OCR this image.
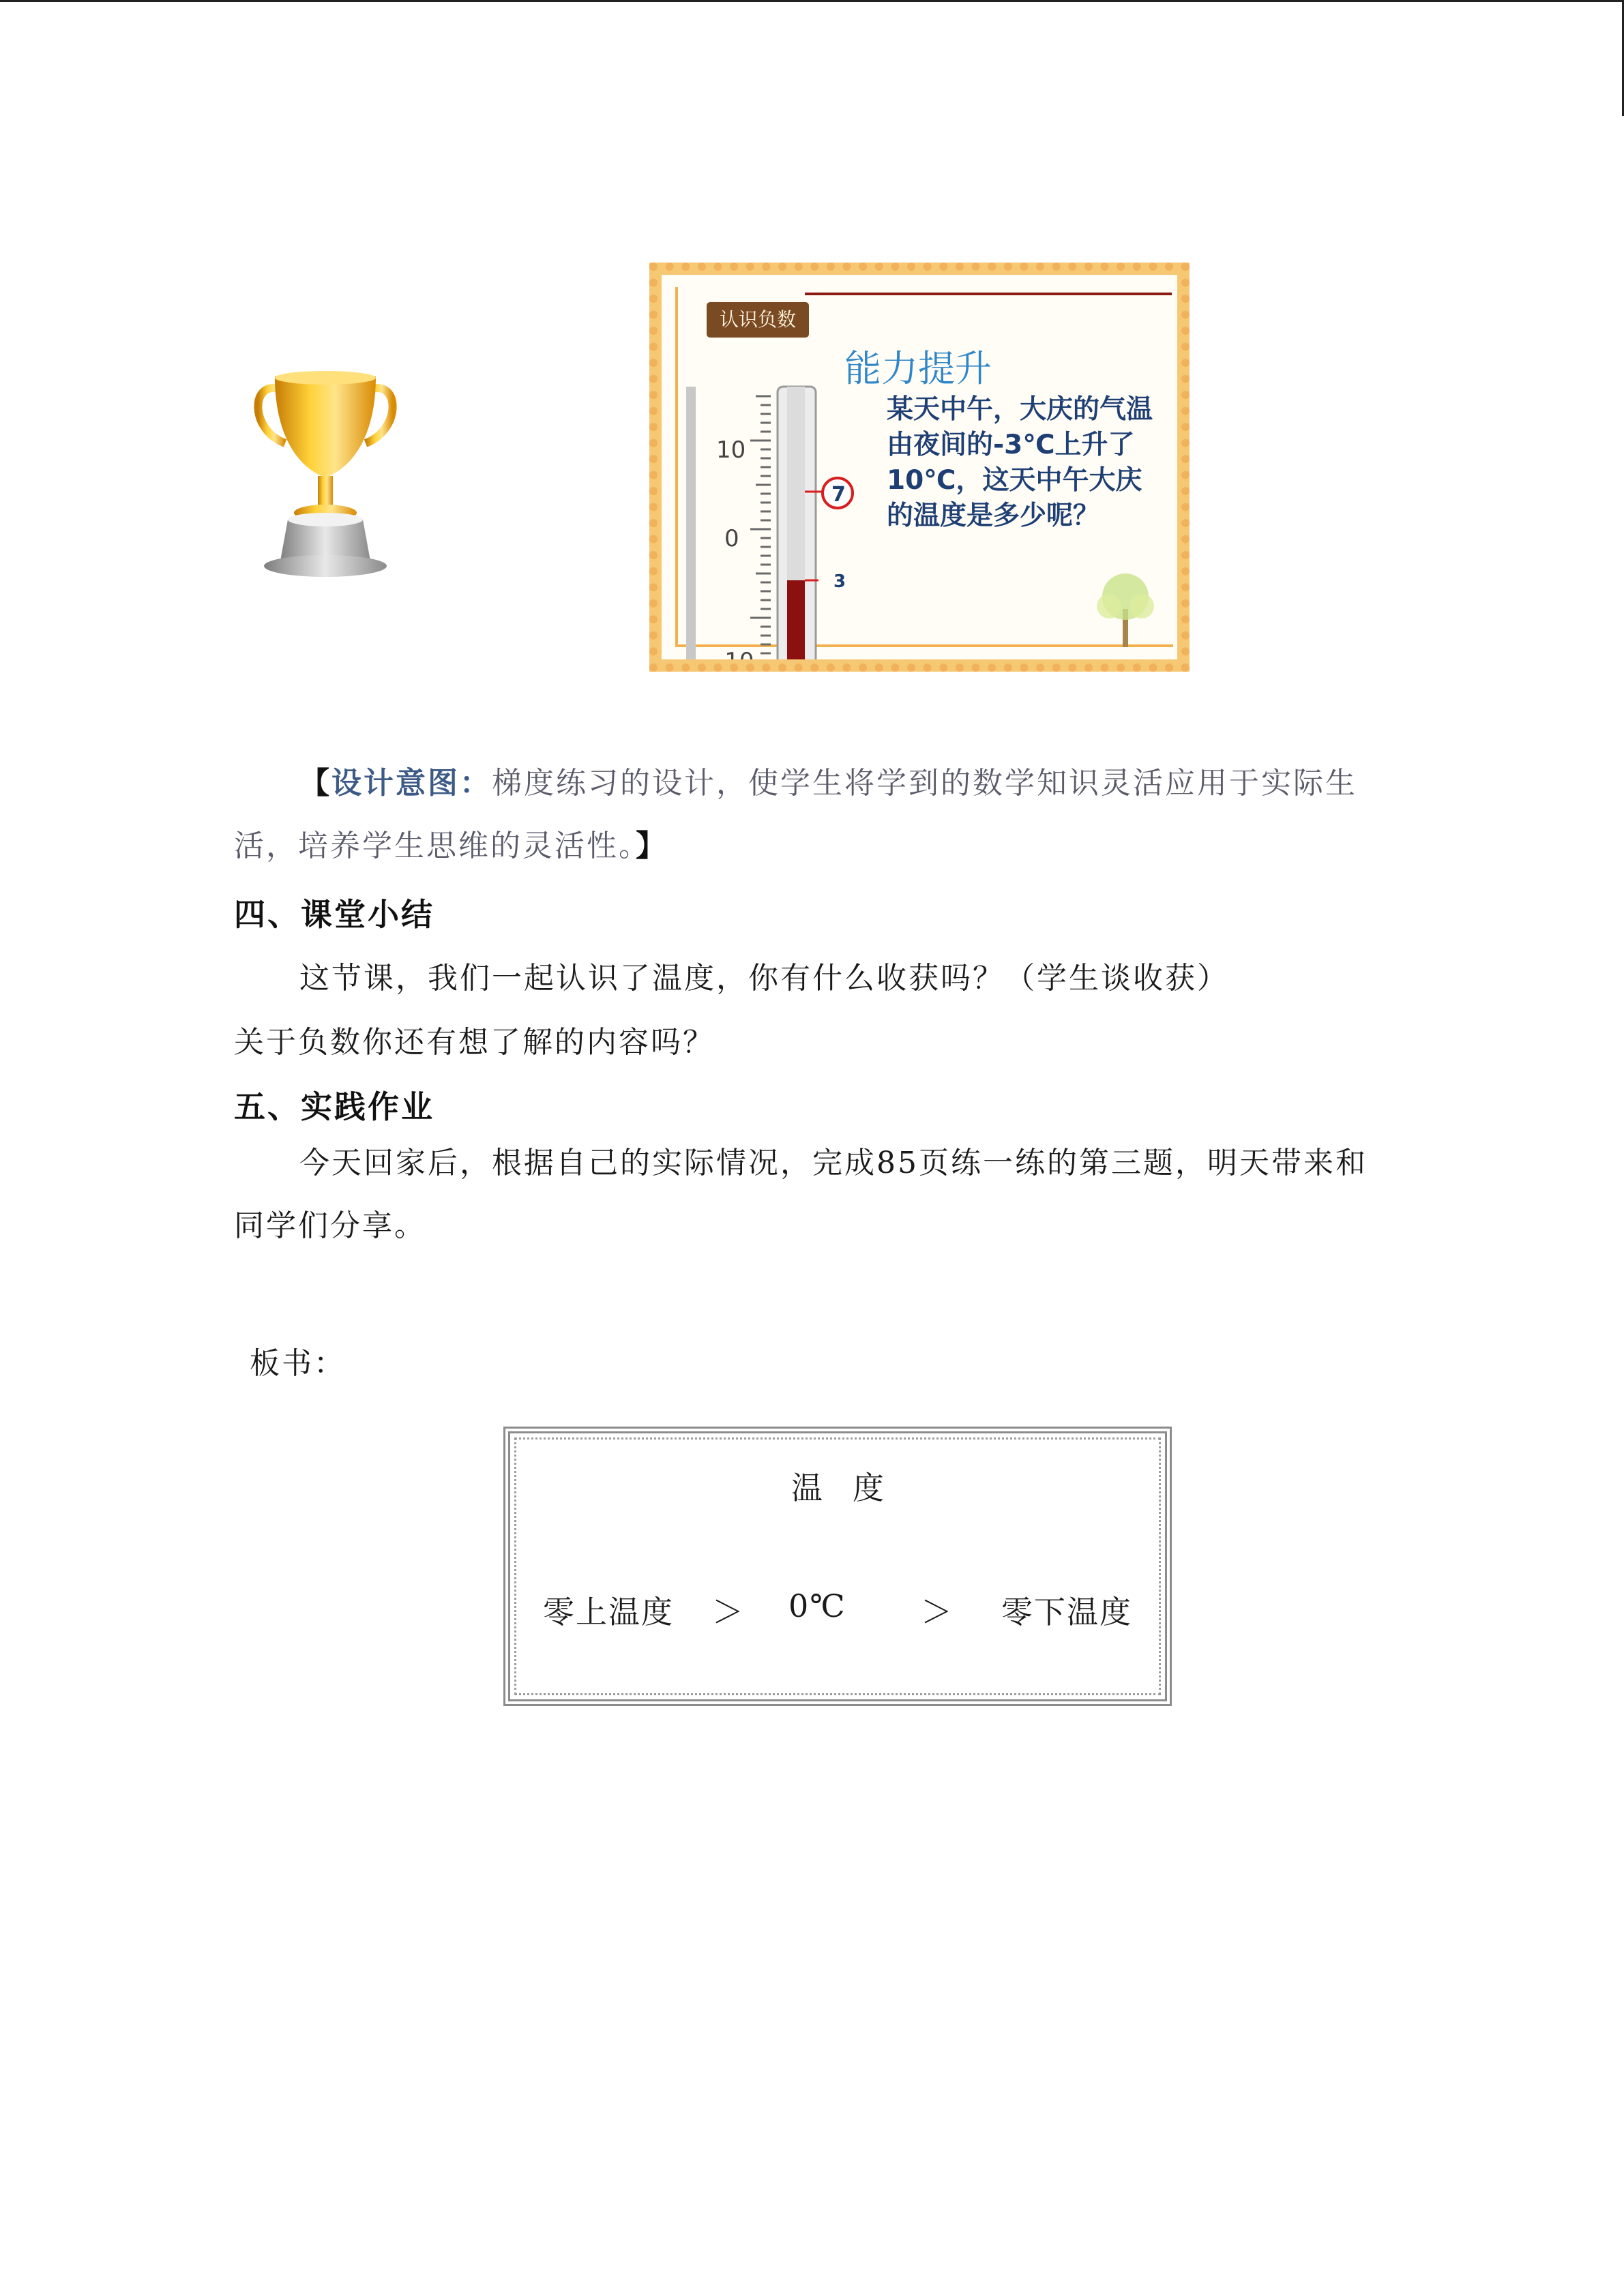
认识负数
能力提升
10
0
-10
7
3
某天中午，大庆的气温由夜间的-3℃上升了10℃，这天中午大庆的温度是多少呢？
【设计意图：梯度练习的设计，使学生将学到的数学知识灵活应用于实际生活，培养学生思维的灵活性。】
四、课堂小结
这节课，我们一起认识了温度，你有什么收获吗？（学生谈收获）
关于负数你还有想了解的内容吗？
五、实践作业
今天回家后，根据自己的实际情况，完成85页练一练的第三题，明天带来和同学们分享。
板书：
温度
零上温度 ＞ 0℃ ＞ 零下温度
